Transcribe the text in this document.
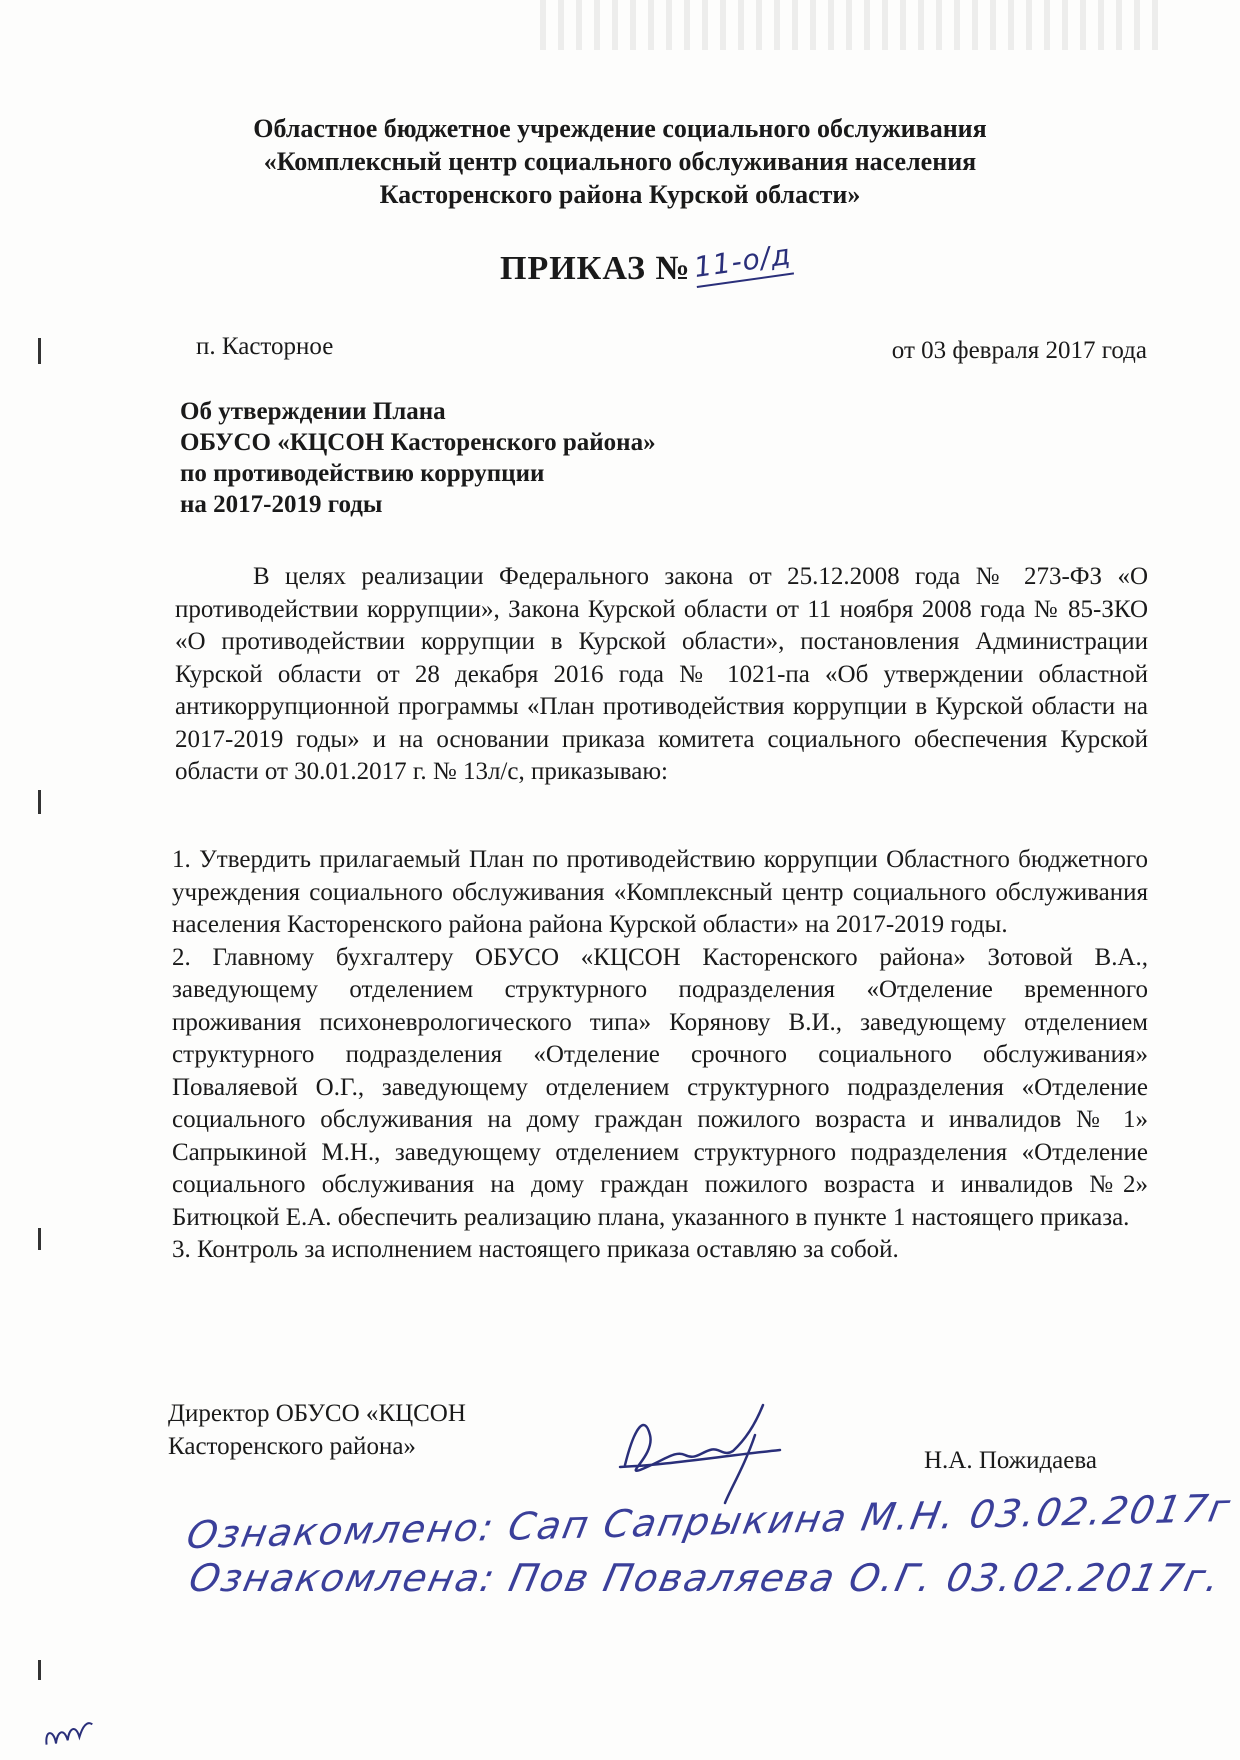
Областное бюджетное учреждение социального обслуживания
«Комплексный центр социального обслуживания населения
Касторенского района Курской области»
ПРИКАЗ № 11-о/д
п. Касторное	от 03 февраля 2017 года
Об утверждении Плана
ОБУСО «КЦСОН Касторенского района»
по противодействию коррупции
на 2017-2019 годы
В целях реализации Федерального закона от 25.12.2008 года № 273-ФЗ «О противодействии коррупции», Закона Курской области от 11 ноября 2008 года № 85-ЗКО «О противодействии коррупции в Курской области», постановления Администрации Курской области от 28 декабря 2016 года № 1021-па «Об утверждении областной антикоррупционной программы «План противодействия коррупции в Курской области на 2017-2019 годы» и на основании приказа комитета социального обеспечения Курской области от 30.01.2017 г. № 13л/с, приказываю:

1. Утвердить прилагаемый План по противодействию коррупции Областного бюджетного учреждения социального обслуживания «Комплексный центр социального обслуживания населения Касторенского района района Курской области» на 2017-2019 годы.

2. Главному бухгалтеру ОБУСО «КЦСОН Касторенского района» Зотовой В.А., заведующему отделением структурного подразделения «Отделение временного проживания психоневрологического типа» Корянову В.И., заведующему отделением структурного подразделения «Отделение срочного социального обслуживания» Поваляевой О.Г., заведующему отделением структурного подразделения «Отделение социального обслуживания на дому граждан пожилого возраста и инвалидов № 1» Сапрыкиной М.Н., заведующему отделением структурного подразделения «Отделение социального обслуживания на дому граждан пожилого возраста и инвалидов №2» Битюцкой Е.А. обеспечить реализацию плана, указанного в пункте 1 настоящего приказа.

3. Контроль за исполнением настоящего приказа оставляю за собой.

Директор ОБУСО «КЦСОН
Касторенского района»
Н.А. Пожидаева
Ознакомлено: Сап Сапрыкина М.Н. 03.02.2017г
Ознакомлена: Пов Поваляева О.Г. 03.02.2017г.
